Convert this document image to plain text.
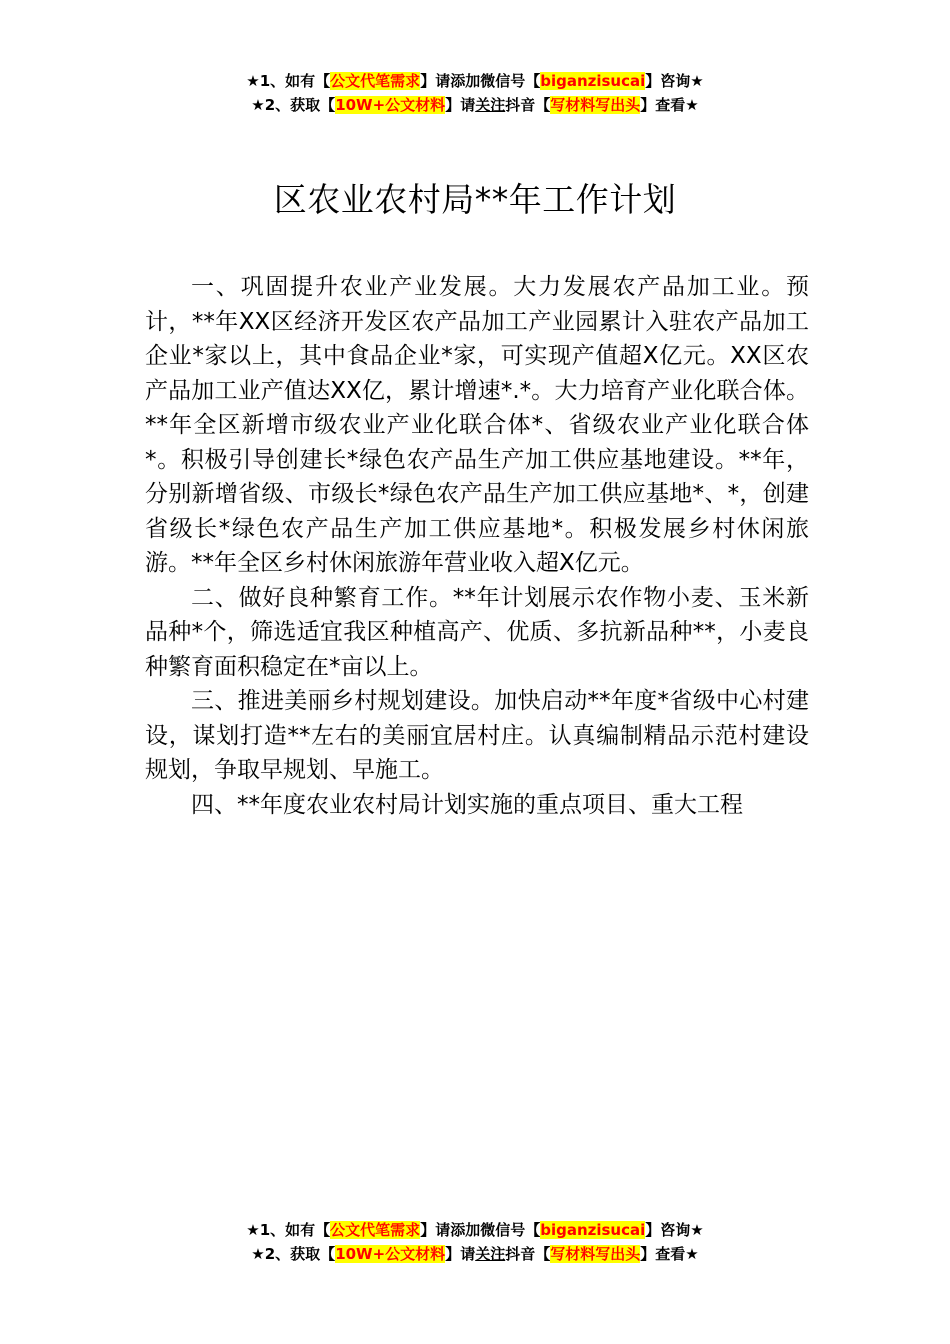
★1、如有【公文代笔需求】请添加微信号【biganzisucai】咨询★
★2、获取【10W+公文材料】请关注抖音【写材料写出头】查看★
区农业农村局**年工作计划

一、巩固提升农业产业发展。大力发展农产品加工业。预计，**年XX区经济开发区农产品加工产业园累计入驻农产品加工企业*家以上，其中食品企业*家，可实现产值超X亿元。XX区农产品加工业产值达XX亿，累计增速*.*。大力培育产业化联合体。**年全区新增市级农业产业化联合体*、省级农业产业化联合体*。积极引导创建长*绿色农产品生产加工供应基地建设。**年，分别新增省级、市级长*绿色农产品生产加工供应基地*、*，创建省级长*绿色农产品生产加工供应基地*。积极发展乡村休闲旅游。**年全区乡村休闲旅游年营业收入超X亿元。

二、做好良种繁育工作。**年计划展示农作物小麦、玉米新品种*个，筛选适宜我区种植高产、优质、多抗新品种**，小麦良种繁育面积稳定在*亩以上。

三、推进美丽乡村规划建设。加快启动**年度*省级中心村建设，谋划打造**左右的美丽宜居村庄。认真编制精品示范村建设规划，争取早规划、早施工。

四、**年度农业农村局计划实施的重点项目、重大工程

★1、如有【公文代笔需求】请添加微信号【biganzisucai】咨询★
★2、获取【10W+公文材料】请关注抖音【写材料写出头】查看★
